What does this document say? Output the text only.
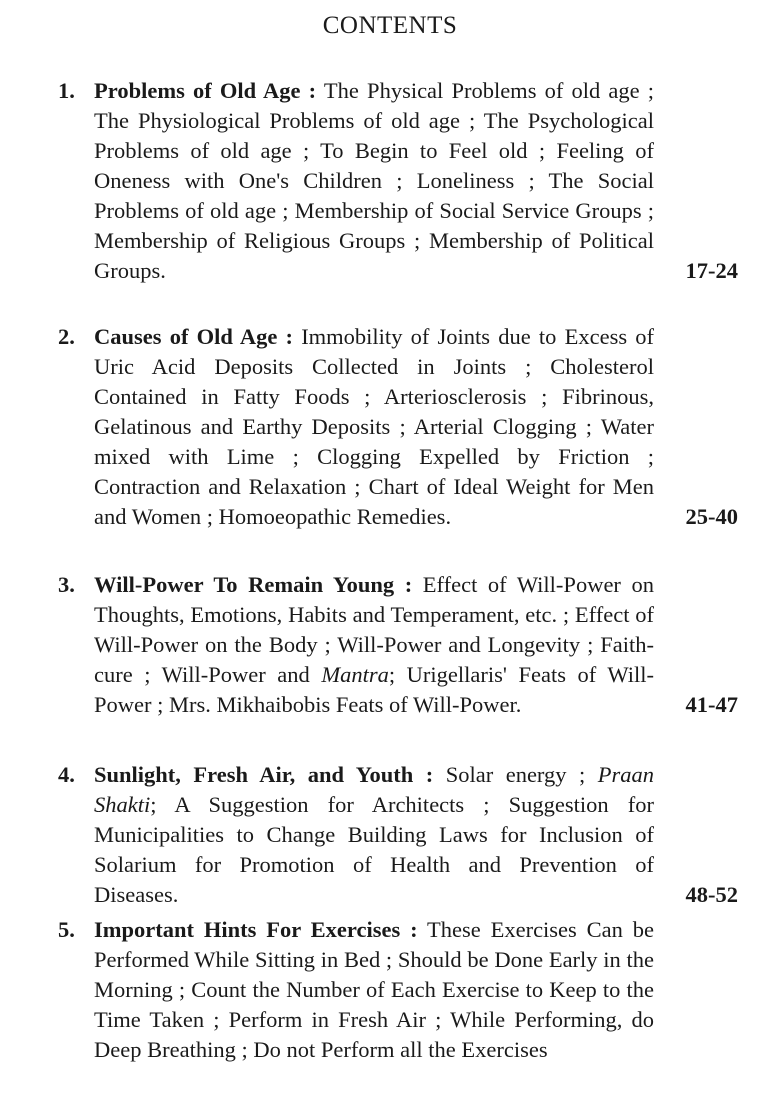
CONTENTS
1. Problems of Old Age : The Physical Problems of old age ; The Physiological Problems of old age ; The Psychological Problems of old age ; To Begin to Feel old ; Feeling of Oneness with One's Children ; Loneliness ; The Social Problems of old age ; Membership of Social Service Groups ; Membership of Religious Groups ; Membership of Political Groups.	17-24
2. Causes of Old Age : Immobility of Joints due to Excess of Uric Acid Deposits Collected in Joints ; Cholesterol Contained in Fatty Foods ; Arteriosclerosis ; Fibrinous, Gelatinous and Earthy Deposits ; Arterial Clogging ; Water mixed with Lime ; Clogging Expelled by Friction ; Contraction and Relaxation ; Chart of Ideal Weight for Men and Women ; Homoeopathic Remedies.	25-40
3. Will-Power To Remain Young : Effect of Will-Power on Thoughts, Emotions, Habits and Temperament, etc. ; Effect of Will-Power on the Body ; Will-Power and Longevity ; Faith-cure ; Will-Power and Mantra; Urigellaris' Feats of Will-Power ; Mrs. Mikhaibobis Feats of Will-Power.	41-47
4. Sunlight, Fresh Air, and Youth : Solar energy ; Praan Shakti; A Suggestion for Architects ; Suggestion for Municipalities to Change Building Laws for Inclusion of Solarium for Promotion of Health and Prevention of Diseases.	48-52
5. Important Hints For Exercises : These Exercises Can be Performed While Sitting in Bed ; Should be Done Early in the Morning ; Count the Number of Each Exercise to Keep to the Time Taken ; Perform in Fresh Air ; While Performing, do Deep Breathing ; Do not Perform all the Exercises
